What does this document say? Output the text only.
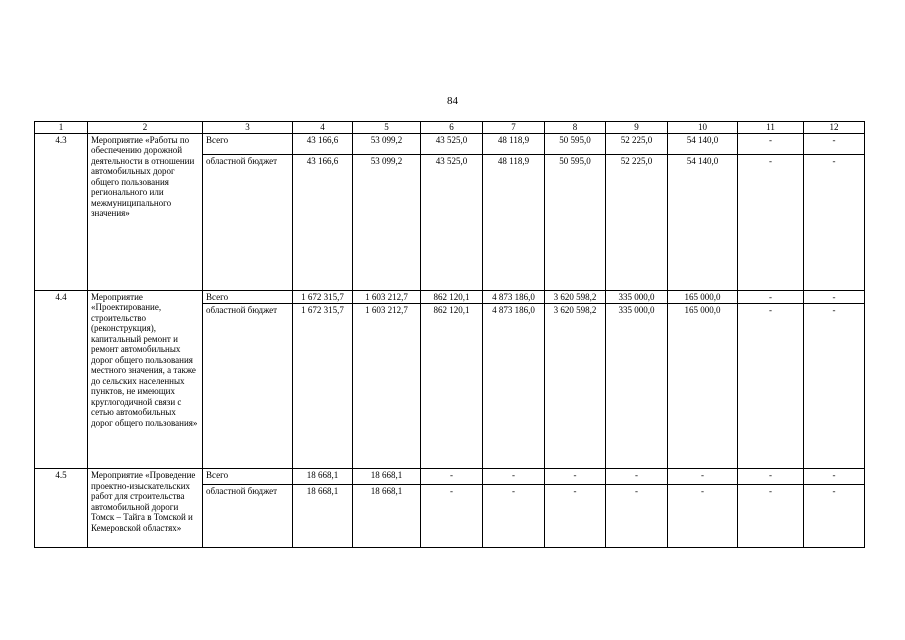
84
1	2	3	4	5	6	7	8	9	10	11	12
4.3	Мероприятие «Работы по обеспечению дорожной деятельности в отношении автомобильных дорог общего пользования регионального или межмуниципального значения»	Всего	43 166,6	53 099,2	43 525,0	48 118,9	50 595,0	52 225,0	54 140,0	-	-
		областной бюджет	43 166,6	53 099,2	43 525,0	48 118,9	50 595,0	52 225,0	54 140,0	-	-
4.4	Мероприятие «Проектирование, строительство (реконструкция), капитальный ремонт и ремонт автомобильных дорог общего пользования местного значения, а также до сельских населенных пунктов, не имеющих круглогодичной связи с сетью автомобильных дорог общего пользования»	Всего	1 672 315,7	1 603 212,7	862 120,1	4 873 186,0	3 620 598,2	335 000,0	165 000,0	-	-
		областной бюджет	1 672 315,7	1 603 212,7	862 120,1	4 873 186,0	3 620 598,2	335 000,0	165 000,0	-	-
4.5	Мероприятие «Проведение проектно-изыскательских работ для строительства автомобильной дороги Томск – Тайга в Томской и Кемеровской областях»	Всего	18 668,1	18 668,1	-	-	-	-	-	-	-
		областной бюджет	18 668,1	18 668,1	-	-	-	-	-	-	-
